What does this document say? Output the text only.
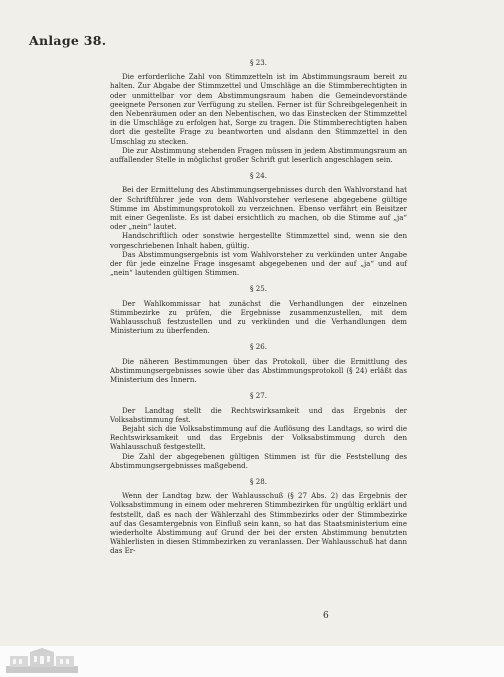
Anlage 38.
§ 23.

Die erforderliche Zahl von Stimmzetteln ist im Abstimmungsraum bereit zu halten. Zur Abgabe der Stimmzettel und Umschläge an die Stimmberechtigten in oder unmittelbar vor dem Abstimmungsraum haben die Gemeindevorstände geeignete Personen zur Verfügung zu stellen. Ferner ist für Schreibgelegenheit in den Nebenräumen oder an den Nebentischen, wo das Einstecken der Stimmzettel in die Umschläge zu erfolgen hat, Sorge zu tragen. Die Stimmberechtigten haben dort die gestellte Frage zu beantworten und alsdann den Stimmzettel in den Umschlag zu stecken.

Die zur Abstimmung stehenden Fragen müssen in jedem Abstimmungsraum an auffallender Stelle in möglichst großer Schrift gut leserlich angeschlagen sein.

§ 24.

Bei der Ermittelung des Abstimmungsergebnisses durch den Wahlvorstand hat der Schriftführer jede von dem Wahlvorsteher verlesene abgegebene gültige Stimme im Abstimmungsprotokoll zu verzeichnen. Ebenso verfährt ein Beisitzer mit einer Gegenliste. Es ist dabei ersichtlich zu machen, ob die Stimme auf „ja“ oder „nein“ lautet.

Handschriftlich oder sonstwie hergestellte Stimmzettel sind, wenn sie den vorgeschriebenen Inhalt haben, gültig.

Das Abstimmungsergebnis ist vom Wahlvorsteher zu verkünden unter Angabe der für jede einzelne Frage insgesamt abgegebenen und der auf „ja“ und auf „nein“ lautenden gültigen Stimmen.

§ 25.

Der Wahlkommissar hat zunächst die Verhandlungen der einzelnen Stimmbezirke zu prüfen, die Ergebnisse zusammenzustellen, mit dem Wahlausschuß festzustellen und zu verkünden und die Verhandlungen dem Ministerium zu überfenden.

§ 26.

Die näheren Bestimmungen über das Protokoll, über die Ermittlung des Abstimmungsergebnisses sowie über das Abstimmungsprotokoll (§ 24) erläßt das Ministerium des Innern.

§ 27.

Der Landtag stellt die Rechtswirksamkeit und das Ergebnis der Volksabstimmung fest.

Bejaht sich die Volksabstimmung auf die Auflösung des Landtags, so wird die Rechtswirksamkeit und das Ergebnis der Volksabstimmung durch den Wahlausschuß festgestellt.

Die Zahl der abgegebenen gültigen Stimmen ist für die Feststellung des Abstimmungsergebnisses maßgebend.

§ 28.

Wenn der Landtag bzw. der Wahlausschuß (§ 27 Abs. 2) das Ergebnis der Volksabstimmung in einem oder mehreren Stimmbezirken für ungültig erklärt und feststellt, daß es nach der Wählerzahl des Stimmbezirks oder der Stimmbezirke auf das Gesamtergebnis von Einfluß sein kann, so hat das Staatsministerium eine wiederholte Abstimmung auf Grund der bei der ersten Abstimmung benutzten Wählerlisten in diesen Stimmbezirken zu veranlassen. Der Wahlausschuß hat dann das Er-

6
